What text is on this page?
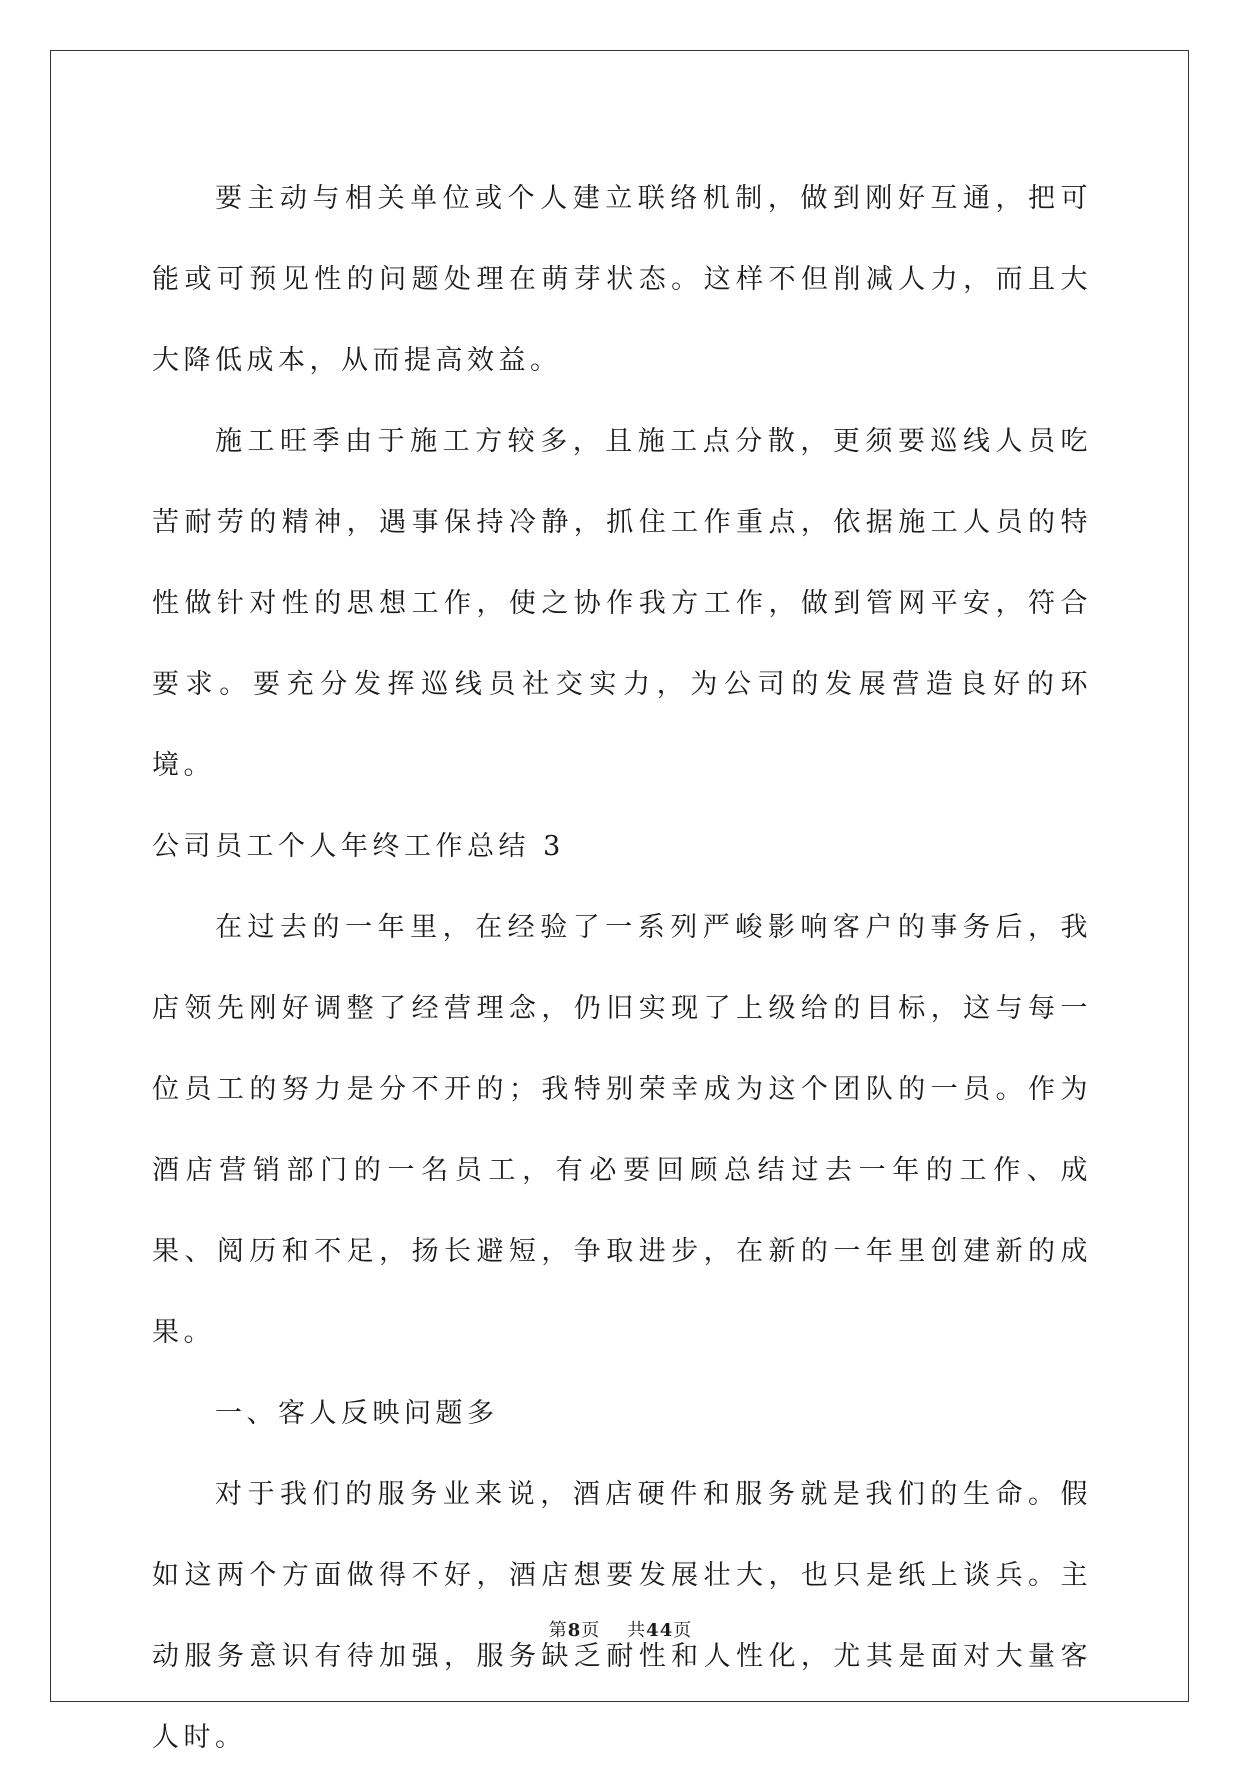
要主动与相关单位或个人建立联络机制，做到刚好互通，把可能或可预见性的问题处理在萌芽状态。这样不但削减人力，而且大大降低成本，从而提高效益。

施工旺季由于施工方较多，且施工点分散，更须要巡线人员吃苦耐劳的精神，遇事保持冷静，抓住工作重点，依据施工人员的特性做针对性的思想工作，使之协作我方工作，做到管网平安，符合要求。要充分发挥巡线员社交实力，为公司的发展营造良好的环境。

公司员工个人年终工作总结 3

在过去的一年里，在经验了一系列严峻影响客户的事务后，我店领先刚好调整了经营理念，仍旧实现了上级给的目标，这与每一位员工的努力是分不开的；我特别荣幸成为这个团队的一员。作为酒店营销部门的一名员工，有必要回顾总结过去一年的工作、成果、阅历和不足，扬长避短，争取进步，在新的一年里创建新的成果。

一、客人反映问题多

对于我们的服务业来说，酒店硬件和服务就是我们的生命。假如这两个方面做得不好，酒店想要发展壮大，也只是纸上谈兵。主动服务意识有待加强，服务缺乏耐性和人性化，尤其是面对大量客人时。

第8页 共44页
